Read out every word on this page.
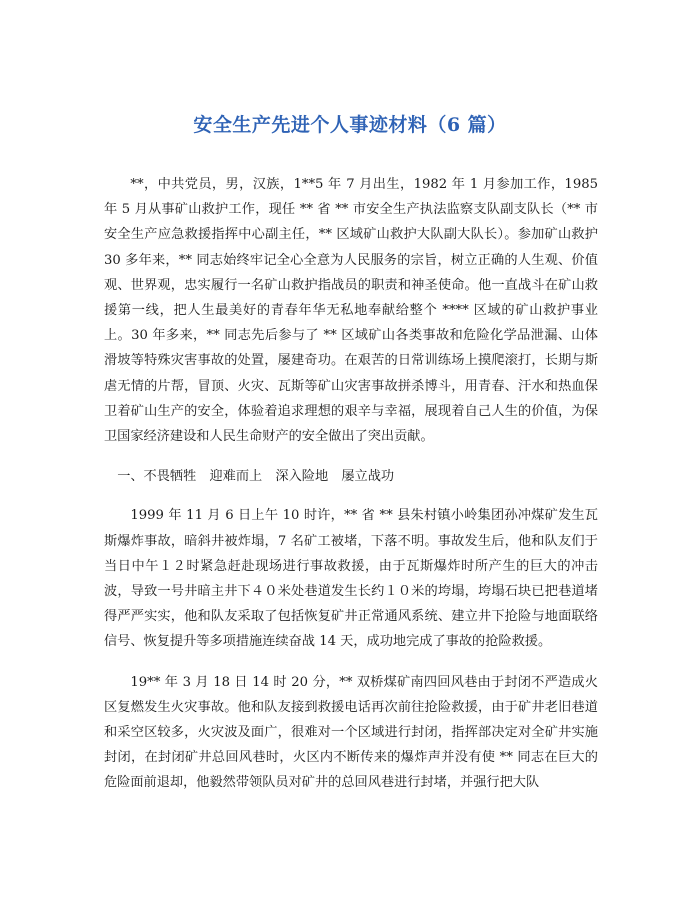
安全生产先进个人事迹材料（6 篇）

**，中共党员，男，汉族，1**5 年 7 月出生，1982 年 1 月参加工作，1985 年 5 月从事矿山救护工作，现任 ** 省 ** 市安全生产执法监察支队副支队长（** 市安全生产应急救援指挥中心副主任，** 区域矿山救护大队副大队长）。参加矿山救护 30 多年来，** 同志始终牢记全心全意为人民服务的宗旨，树立正确的人生观、价值观、世界观，忠实履行一名矿山救护指战员的职责和神圣使命。他一直战斗在矿山救援第一线，把人生最美好的青春年华无私地奉献给整个 **** 区域的矿山救护事业上。30 年多来，** 同志先后参与了 ** 区域矿山各类事故和危险化学品泄漏、山体滑坡等特殊灾害事故的处置，屡建奇功。在艰苦的日常训练场上摸爬滚打，长期与斯虐无情的片帮，冒顶、火灾、瓦斯等矿山灾害事故拼杀博斗，用青春、汗水和热血保卫着矿山生产的安全，体验着追求理想的艰辛与幸福，展现着自己人生的价值，为保卫国家经济建设和人民生命财产的安全做出了突出贡献。

一、不畏牺牲　迎难而上　深入险地　屡立战功

1999 年 11 月 6 日上午 10 时许，** 省 ** 县朱村镇小岭集团孙冲煤矿发生瓦斯爆炸事故，暗斜井被炸塌，7 名矿工被堵，下落不明。事故发生后，他和队友们于当日中午１２时紧急赶赴现场进行事故救援，由于瓦斯爆炸时所产生的巨大的冲击波，导致一号井暗主井下４０米处巷道发生长约１０米的垮塌，垮塌石块已把巷道堵得严严实实，他和队友采取了包括恢复矿井正常通风系统、建立井下抢险与地面联络信号、恢复提升等多项措施连续奋战 14 天，成功地完成了事故的抢险救援。

19** 年 3 月 18 日 14 时 20 分，** 双桥煤矿南四回风巷由于封闭不严造成火区复燃发生火灾事故。他和队友接到救援电话再次前往抢险救援，由于矿井老旧巷道和采空区较多，火灾波及面广，很难对一个区域进行封闭，指挥部决定对全矿井实施封闭，在封闭矿井总回风巷时，火区内不断传来的爆炸声并没有使 ** 同志在巨大的危险面前退却，他毅然带领队员对矿井的总回风巷进行封堵，并强行把大队
